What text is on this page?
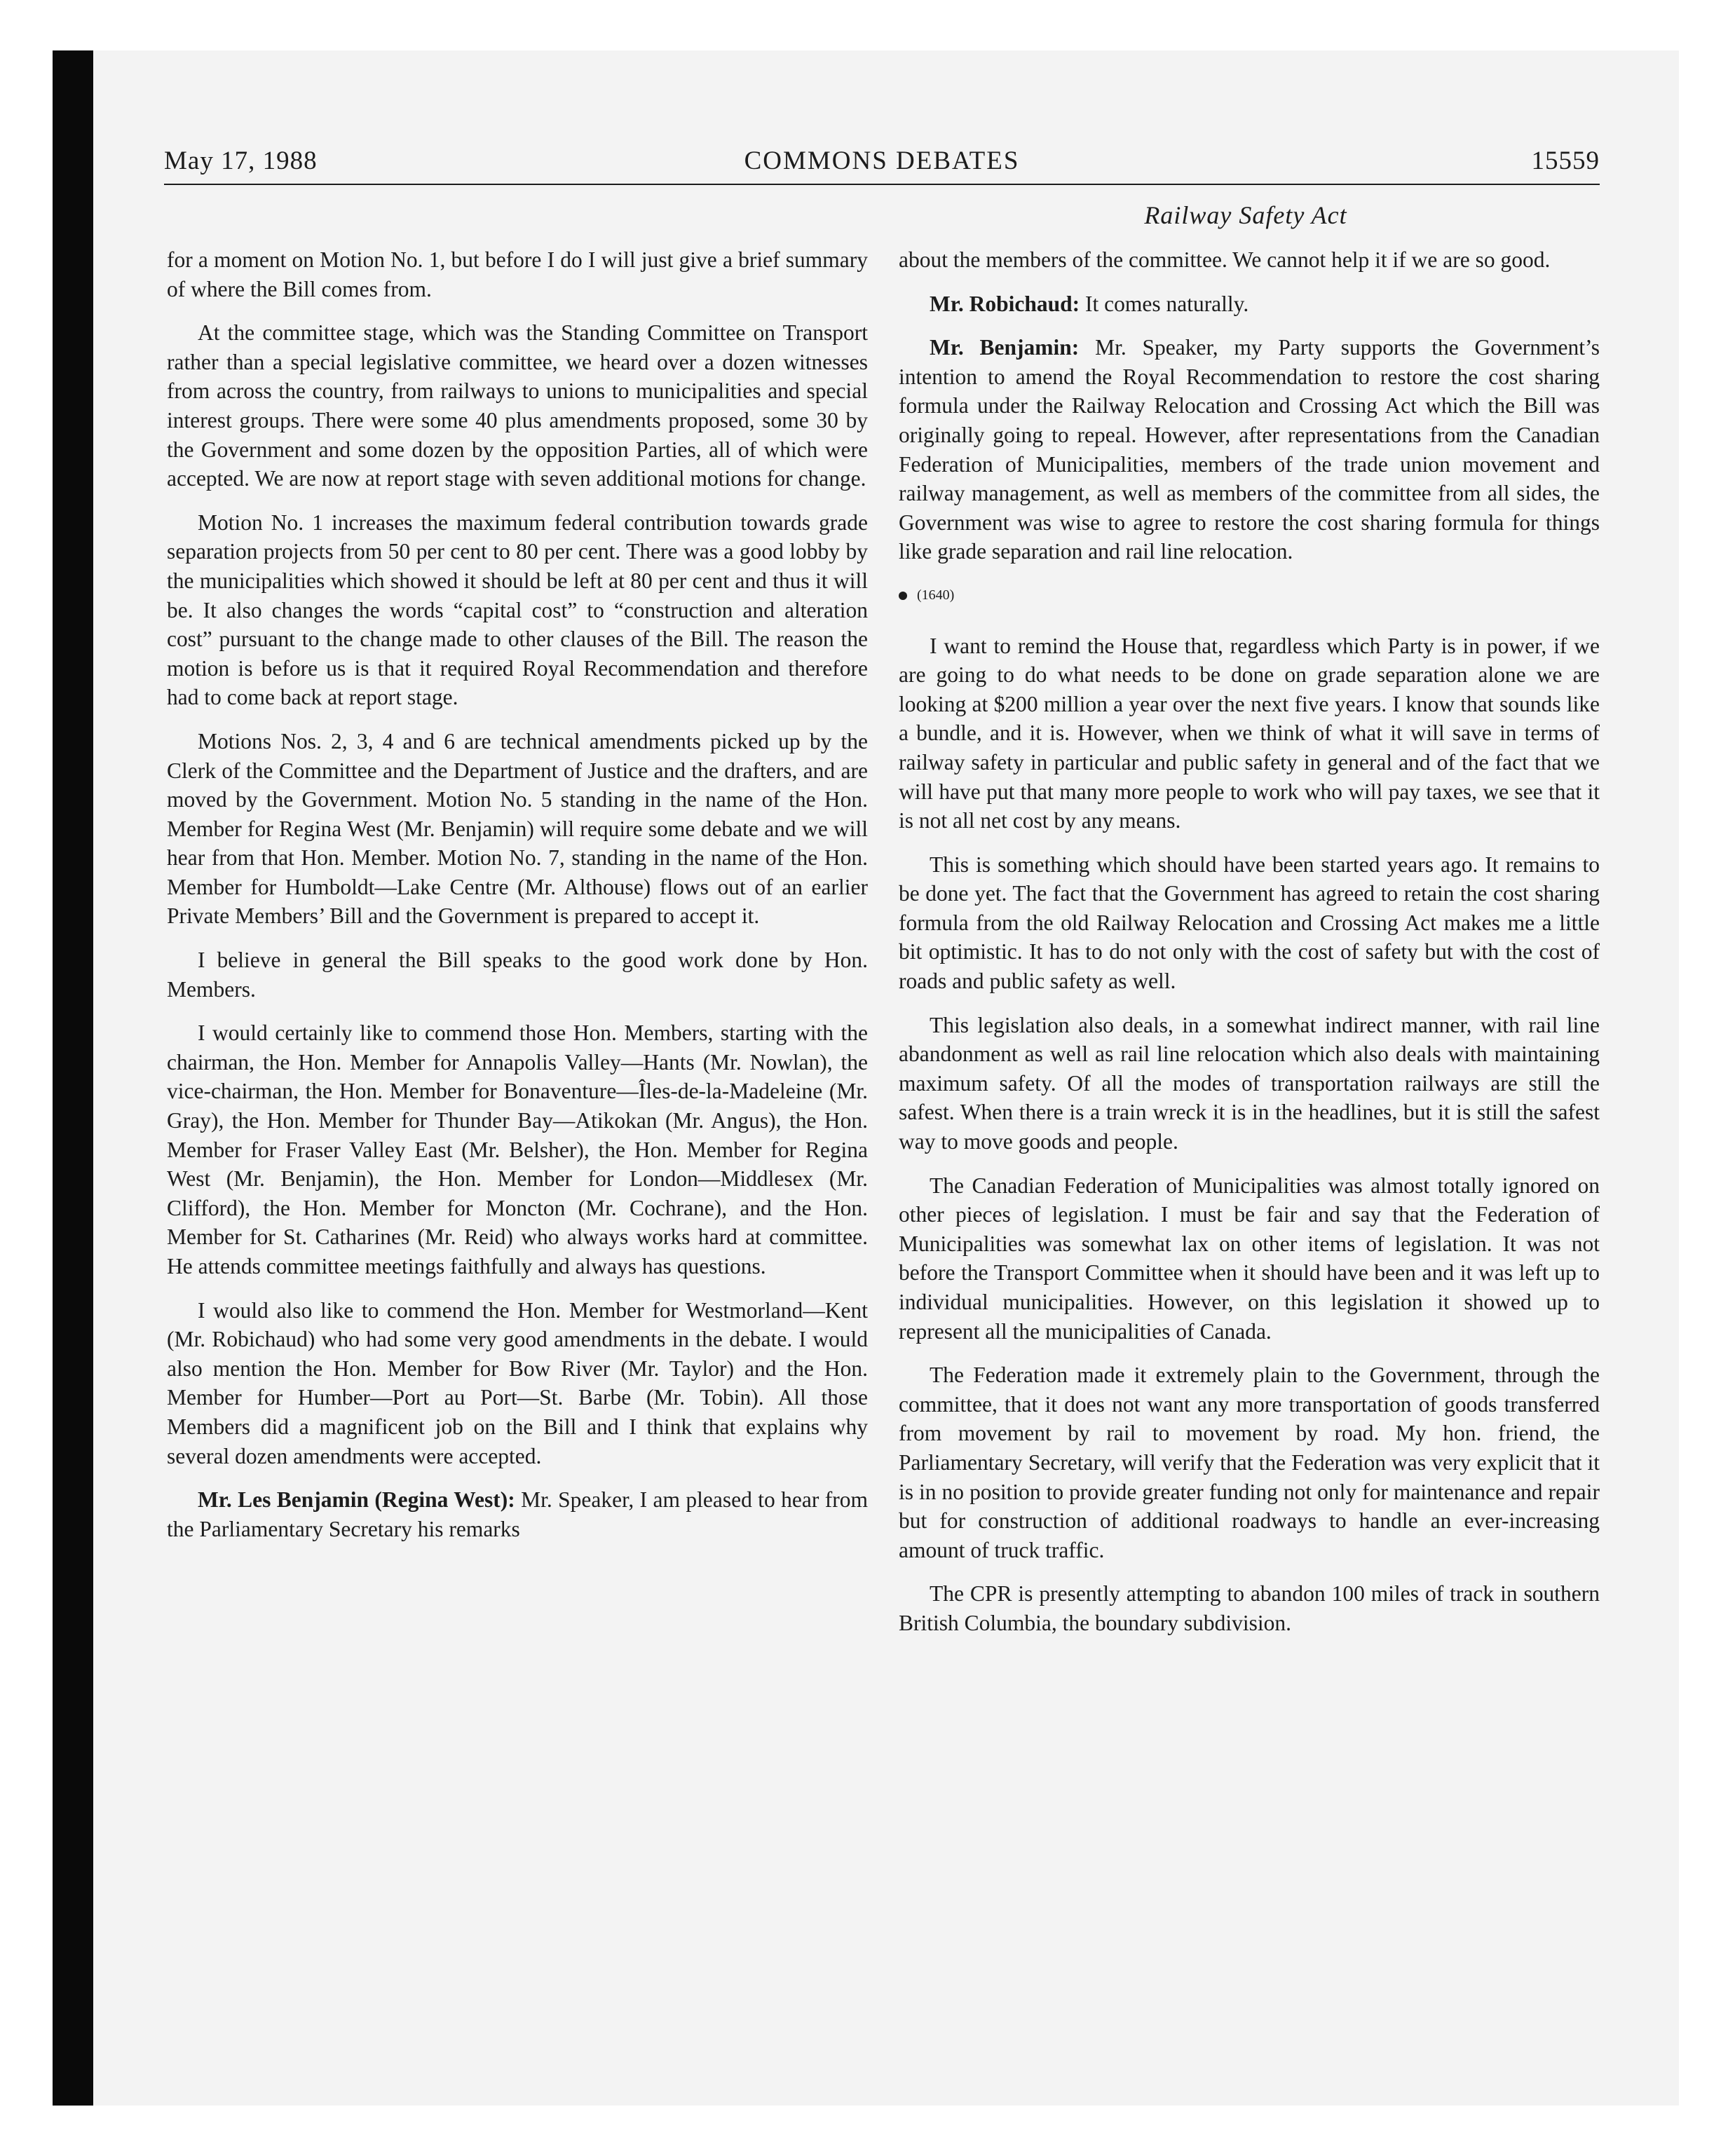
May 17, 1988	COMMONS DEBATES	15559
Railway Safety Act

for a moment on Motion No. 1, but before I do I will just give a brief summary of where the Bill comes from.

At the committee stage, which was the Standing Committee on Transport rather than a special legislative committee, we heard over a dozen witnesses from across the country, from railways to unions to municipalities and special interest groups. There were some 40 plus amendments proposed, some 30 by the Government and some dozen by the opposition Parties, all of which were accepted. We are now at report stage with seven additional motions for change.

Motion No. 1 increases the maximum federal contribution towards grade separation projects from 50 per cent to 80 per cent. There was a good lobby by the municipalities which showed it should be left at 80 per cent and thus it will be. It also changes the words “capital cost” to “construction and alteration cost” pursuant to the change made to other clauses of the Bill. The reason the motion is before us is that it required Royal Recommendation and therefore had to come back at report stage.

Motions Nos. 2, 3, 4 and 6 are technical amendments picked up by the Clerk of the Committee and the Department of Justice and the drafters, and are moved by the Government. Motion No. 5 standing in the name of the Hon. Member for Regina West (Mr. Benjamin) will require some debate and we will hear from that Hon. Member. Motion No. 7, standing in the name of the Hon. Member for Humboldt—Lake Centre (Mr. Althouse) flows out of an earlier Private Members’ Bill and the Government is prepared to accept it.

I believe in general the Bill speaks to the good work done by Hon. Members.

I would certainly like to commend those Hon. Members, starting with the chairman, the Hon. Member for Annapolis Valley—Hants (Mr. Nowlan), the vice-chairman, the Hon. Member for Bonaventure—Îles-de-la-Madeleine (Mr. Gray), the Hon. Member for Thunder Bay—Atikokan (Mr. Angus), the Hon. Member for Fraser Valley East (Mr. Belsher), the Hon. Member for Regina West (Mr. Benjamin), the Hon. Member for London—Middlesex (Mr. Clifford), the Hon. Member for Moncton (Mr. Cochrane), and the Hon. Member for St. Catharines (Mr. Reid) who always works hard at committee. He attends committee meetings faithfully and always has questions.

I would also like to commend the Hon. Member for Westmorland—Kent (Mr. Robichaud) who had some very good amendments in the debate. I would also mention the Hon. Member for Bow River (Mr. Taylor) and the Hon. Member for Humber—Port au Port—St. Barbe (Mr. Tobin). All those Members did a magnificent job on the Bill and I think that explains why several dozen amendments were accepted.

Mr. Les Benjamin (Regina West): Mr. Speaker, I am pleased to hear from the Parliamentary Secretary his remarks

about the members of the committee. We cannot help it if we are so good.

Mr. Robichaud: It comes naturally.

Mr. Benjamin: Mr. Speaker, my Party supports the Government’s intention to amend the Royal Recommendation to restore the cost sharing formula under the Railway Relocation and Crossing Act which the Bill was originally going to repeal. However, after representations from the Canadian Federation of Municipalities, members of the trade union movement and railway management, as well as members of the committee from all sides, the Government was wise to agree to restore the cost sharing formula for things like grade separation and rail line relocation.

(1640)

I want to remind the House that, regardless which Party is in power, if we are going to do what needs to be done on grade separation alone we are looking at $200 million a year over the next five years. I know that sounds like a bundle, and it is. However, when we think of what it will save in terms of railway safety in particular and public safety in general and of the fact that we will have put that many more people to work who will pay taxes, we see that it is not all net cost by any means.

This is something which should have been started years ago. It remains to be done yet. The fact that the Government has agreed to retain the cost sharing formula from the old Railway Relocation and Crossing Act makes me a little bit optimistic. It has to do not only with the cost of safety but with the cost of roads and public safety as well.

This legislation also deals, in a somewhat indirect manner, with rail line abandonment as well as rail line relocation which also deals with maintaining maximum safety. Of all the modes of transportation railways are still the safest. When there is a train wreck it is in the headlines, but it is still the safest way to move goods and people.

The Canadian Federation of Municipalities was almost totally ignored on other pieces of legislation. I must be fair and say that the Federation of Municipalities was somewhat lax on other items of legislation. It was not before the Transport Committee when it should have been and it was left up to individual municipalities. However, on this legislation it showed up to represent all the municipalities of Canada.

The Federation made it extremely plain to the Government, through the committee, that it does not want any more transportation of goods transferred from movement by rail to movement by road. My hon. friend, the Parliamentary Secretary, will verify that the Federation was very explicit that it is in no position to provide greater funding not only for maintenance and repair but for construction of additional roadways to handle an ever-increasing amount of truck traffic.

The CPR is presently attempting to abandon 100 miles of track in southern British Columbia, the boundary subdivision.
